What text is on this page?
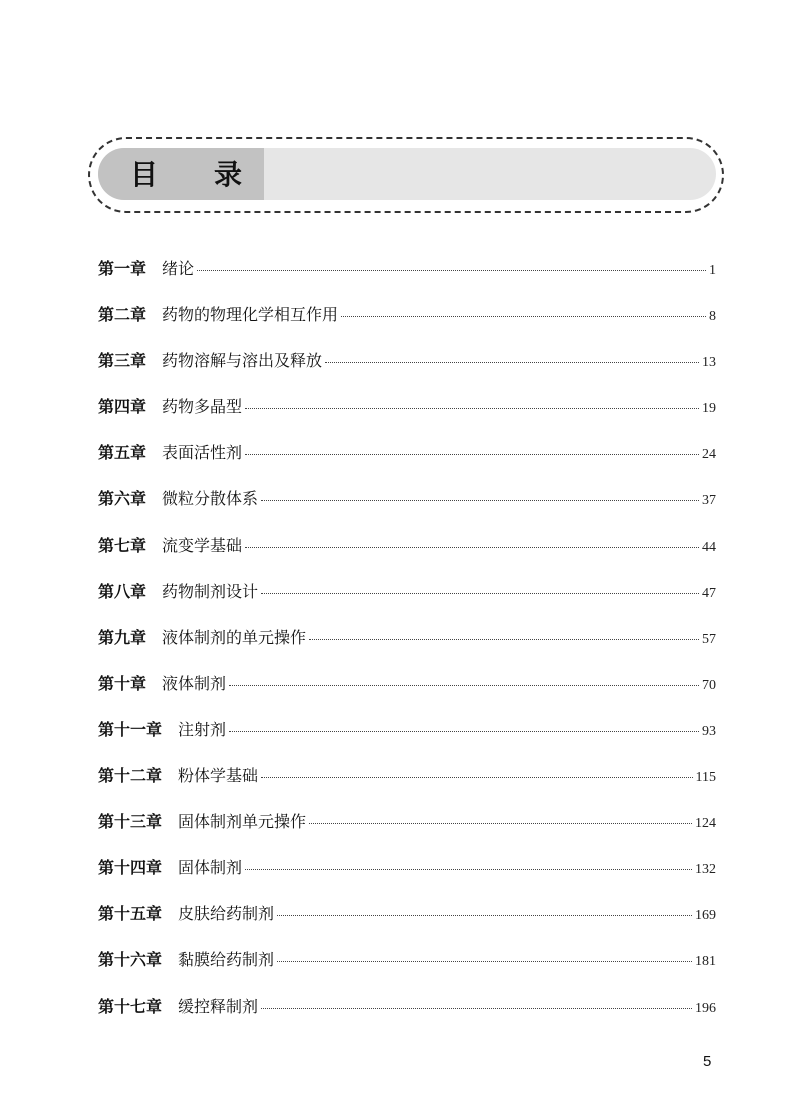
目 录
第一章 绪论	1
第二章 药物的物理化学相互作用	8
第三章 药物溶解与溶出及释放	13
第四章 药物多晶型	19
第五章 表面活性剂	24
第六章 微粒分散体系	37
第七章 流变学基础	44
第八章 药物制剂设计	47
第九章 液体制剂的单元操作	57
第十章 液体制剂	70
第十一章 注射剂	93
第十二章 粉体学基础	115
第十三章 固体制剂单元操作	124
第十四章 固体制剂	132
第十五章 皮肤给药制剂	169
第十六章 黏膜给药制剂	181
第十七章 缓控释制剂	196
5
